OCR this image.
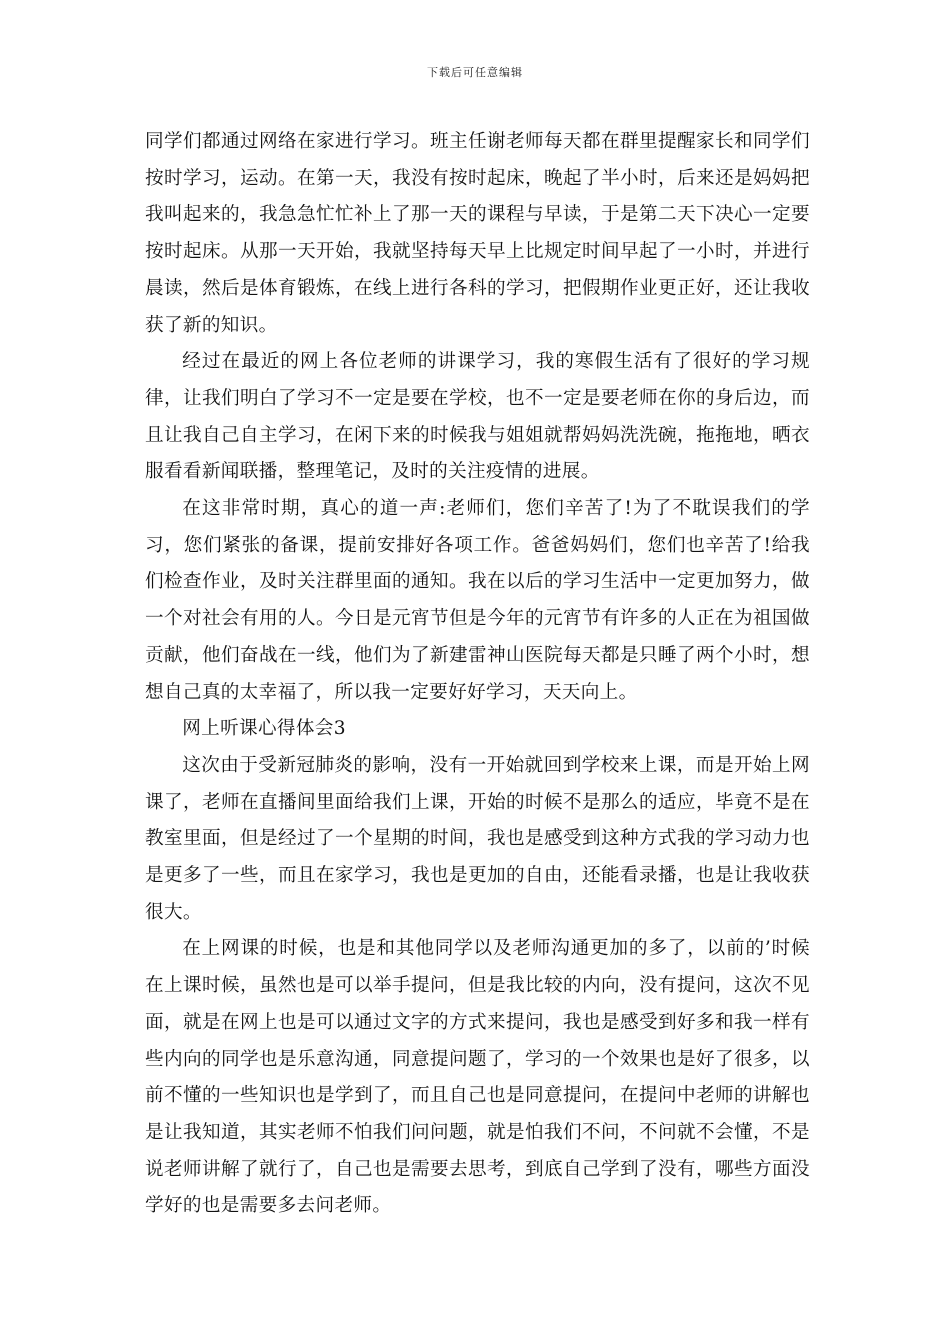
下载后可任意编辑

同学们都通过网络在家进行学习。班主任谢老师每天都在群里提醒家长和同学们按时学习，运动。在第一天，我没有按时起床，晚起了半小时，后来还是妈妈把我叫起来的，我急急忙忙补上了那一天的课程与早读，于是第二天下决心一定要按时起床。从那一天开始，我就坚持每天早上比规定时间早起了一小时，并进行晨读，然后是体育锻炼，在线上进行各科的学习，把假期作业更正好，还让我收获了新的知识。

经过在最近的网上各位老师的讲课学习，我的寒假生活有了很好的学习规律，让我们明白了学习不一定是要在学校，也不一定是要老师在你的身后边，而且让我自己自主学习，在闲下来的时候我与姐姐就帮妈妈洗洗碗，拖拖地，晒衣服看看新闻联播，整理笔记，及时的关注疫情的进展。

在这非常时期，真心的道一声:老师们，您们辛苦了!为了不耽误我们的学习，您们紧张的备课，提前安排好各项工作。爸爸妈妈们，您们也辛苦了!给我们检查作业，及时关注群里面的通知。我在以后的学习生活中一定更加努力，做一个对社会有用的人。今日是元宵节但是今年的元宵节有许多的人正在为祖国做贡献，他们奋战在一线，他们为了新建雷神山医院每天都是只睡了两个小时，想想自己真的太幸福了，所以我一定要好好学习，天天向上。

网上听课心得体会3

这次由于受新冠肺炎的影响，没有一开始就回到学校来上课，而是开始上网课了，老师在直播间里面给我们上课，开始的时候不是那么的适应，毕竟不是在教室里面，但是经过了一个星期的时间，我也是感受到这种方式我的学习动力也是更多了一些，而且在家学习，我也是更加的自由，还能看录播，也是让我收获很大。

在上网课的时候，也是和其他同学以及老师沟通更加的多了，以前的’时候在上课时候，虽然也是可以举手提问，但是我比较的内向，没有提问，这次不见面，就是在网上也是可以通过文字的方式来提问，我也是感受到好多和我一样有些内向的同学也是乐意沟通，同意提问题了，学习的一个效果也是好了很多，以前不懂的一些知识也是学到了，而且自己也是同意提问，在提问中老师的讲解也是让我知道，其实老师不怕我们问问题，就是怕我们不问，不问就不会懂，不是说老师讲解了就行了，自己也是需要去思考，到底自己学到了没有，哪些方面没学好的也是需要多去问老师。
